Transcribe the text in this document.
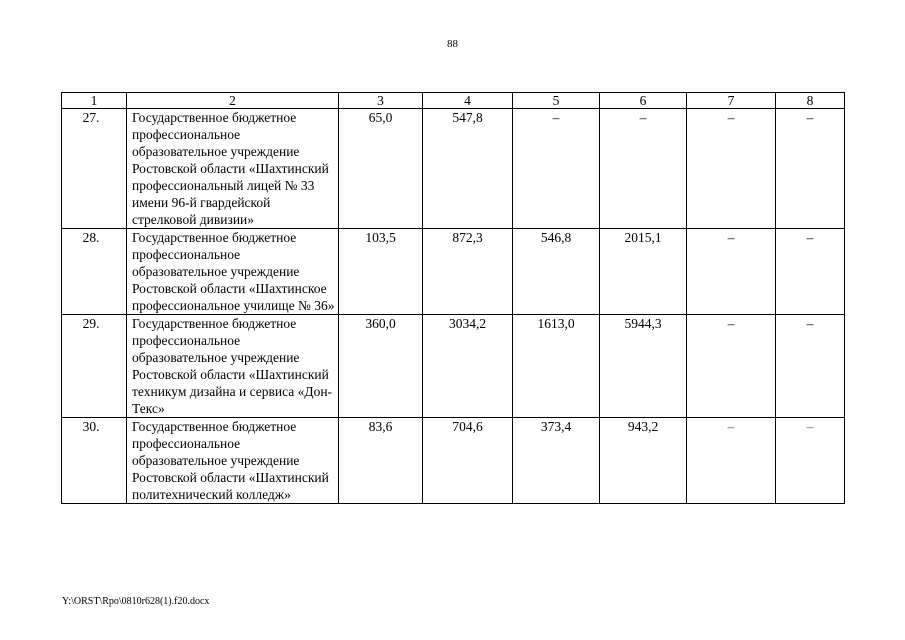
88
1	2	3	4	5	6	7	8
27.	Государственное бюджетное профессиональное образовательное учреждение Ростовской области «Шахтинский профессиональный лицей № 33 имени 96-й гвардейской стрелковой дивизии»	65,0	547,8	–	–	–	–
28.	Государственное бюджетное профессиональное образовательное учреждение Ростовской области «Шахтинское профессиональное училище № 36»	103,5	872,3	546,8	2015,1	–	–
29.	Государственное бюджетное профессиональное образовательное учреждение Ростовской области «Шахтинский техникум дизайна и сервиса «Дон-Текс»	360,0	3034,2	1613,0	5944,3	–	–
30.	Государственное бюджетное профессиональное образовательное учреждение Ростовской области «Шахтинский политехнический колледж»	83,6	704,6	373,4	943,2	–	–
Y:\ORST\Rpo\0810r628(1).f20.docx
